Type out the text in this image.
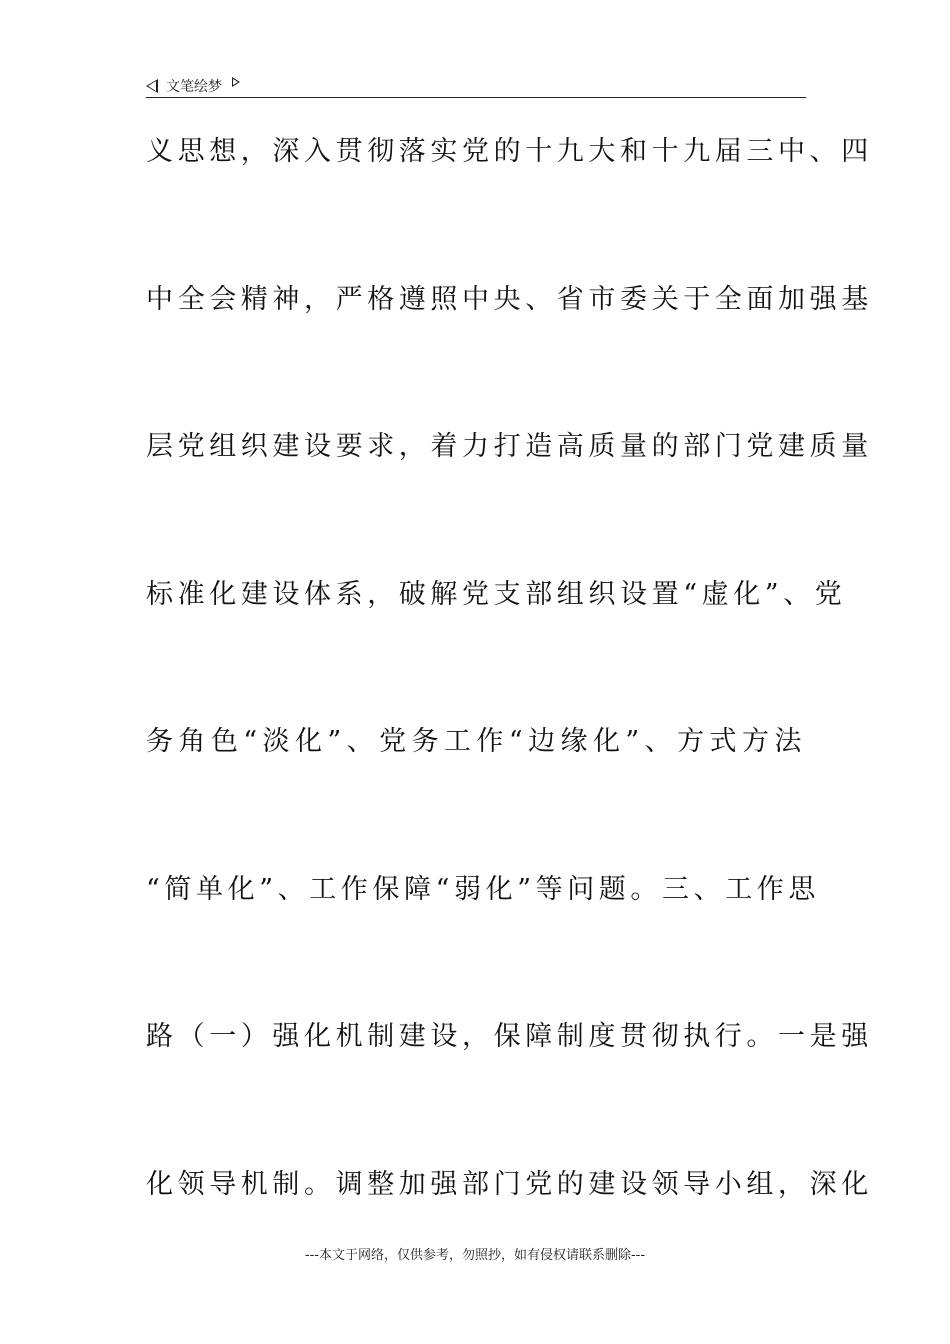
文笔绘梦
义思想，深入贯彻落实党的十九大和十九届三中、四
中全会精神，严格遵照中央、省市委关于全面加强基
层党组织建设要求，着力打造高质量的部门党建质量
标准化建设体系，破解党支部组织设置“虚化”、党
务角色“淡化”、党务工作“边缘化”、方式方法
“简单化”、工作保障“弱化”等问题。三、工作思
路（一）强化机制建设，保障制度贯彻执行。一是强
化领导机制。调整加强部门党的建设领导小组，深化
---本文于网络，仅供参考，勿照抄，如有侵权请联系删除---
